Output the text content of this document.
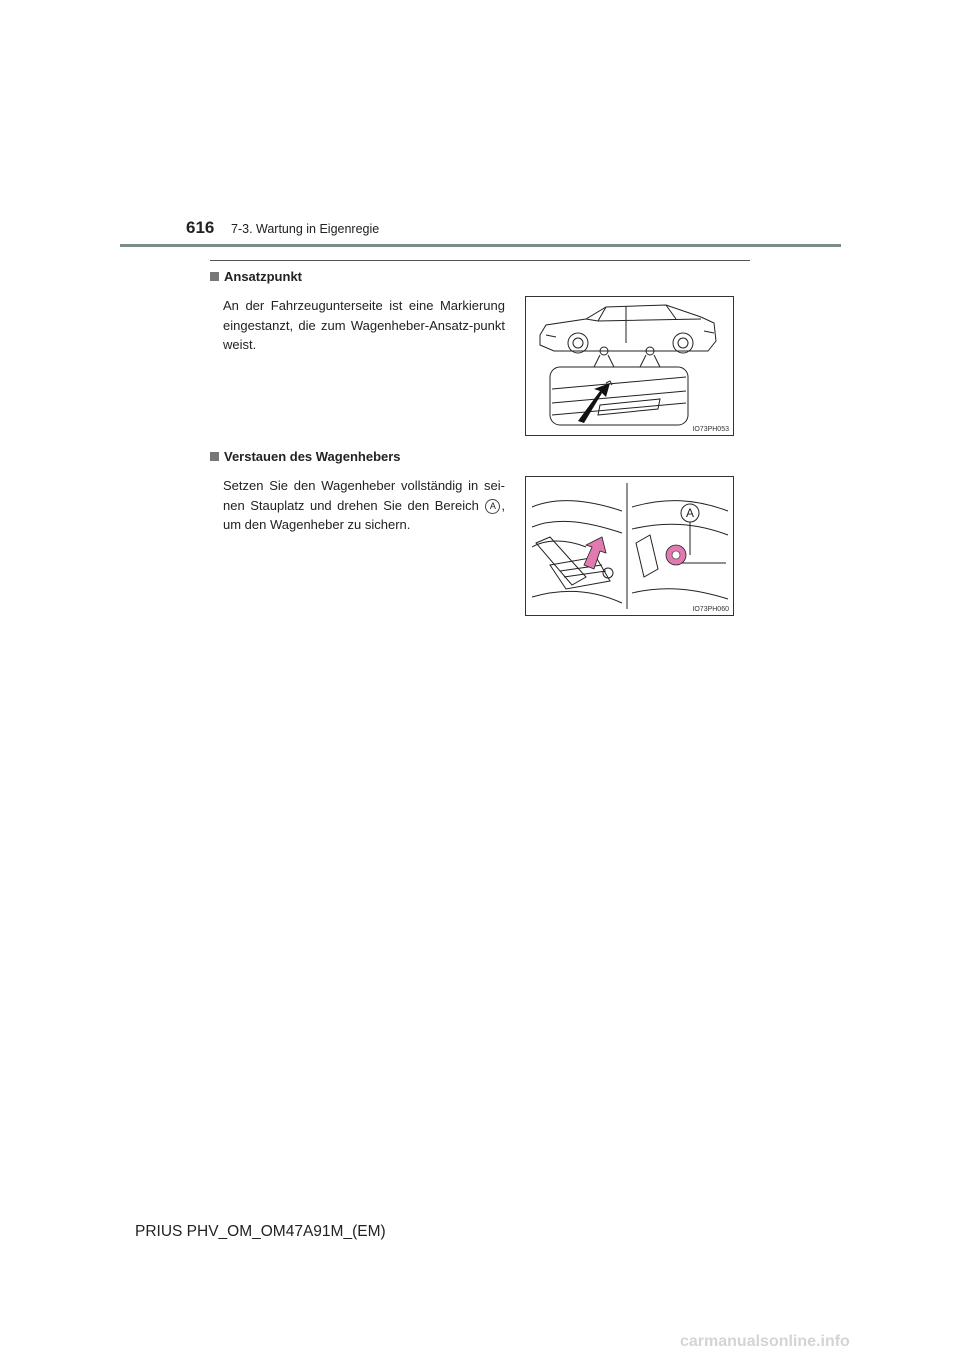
616 7-3. Wartung in Eigenregie
Ansatzpunkt
An der Fahrzeugunterseite ist eine Markierung eingestanzt, die zum Wagenheber-Ansatz-punkt weist.
IO73PH053
Verstauen des Wagenhebers
Setzen Sie den Wagenheber vollständig in sei-nen Stauplatz und drehen Sie den Bereich A , um den Wagenheber zu sichern.
A
IO73PH060
PRIUS PHV_OM_OM47A91M_(EM)
carmanualsonline.info
